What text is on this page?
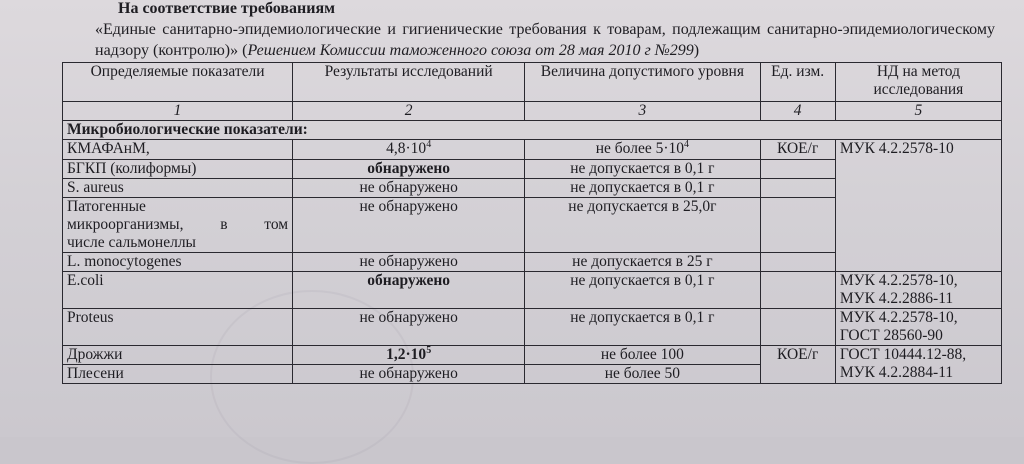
На соответствие требованиям
«Единые санитарно-эпидемиологические и гигиенические требования к товарам, подлежащим санитарно-эпидемиологическому надзору (контролю)» (Решением Комиссии таможенного союза от 28 мая 2010 г №299)
Определяемые показатели	Результаты исследований	Величина допустимого уровня	Ед. изм.	НД на метод исследования
1	2	3	4	5
Микробиологические показатели:				
КМАФАнМ,	$4,8\cdot 10^4$	не более $5\cdot 10^4$	КОЕ/г	МУК 4.2.2578-10
БГКП (колиформы)	обнаружено	не допускается в 0,1 г		
S. aureus	не обнаружено	не допускается в 0,1 г		

Патогенные
микроорганизмы, в том
числе сальмонеллы	не обнаружено	не допускается в 25,0г		
L. monocytogenes	не обнаружено	не допускается в 25 г		
E.coli	обнаружено	не допускается в 0,1 г		МУК 4.2.2578-10,
МУК 4.2.2886-11

Proteus	не обнаружено	не допускается в 0,1 г		МУК 4.2.2578-10,
ГОСТ 28560-90

Дрожжи	$1,2\cdot 10^5$	не более 100	КОЕ/г	ГОСТ 10444.12-88,
МУК 4.2.2884-11

Плесени	не обнаружено	не более 50		
